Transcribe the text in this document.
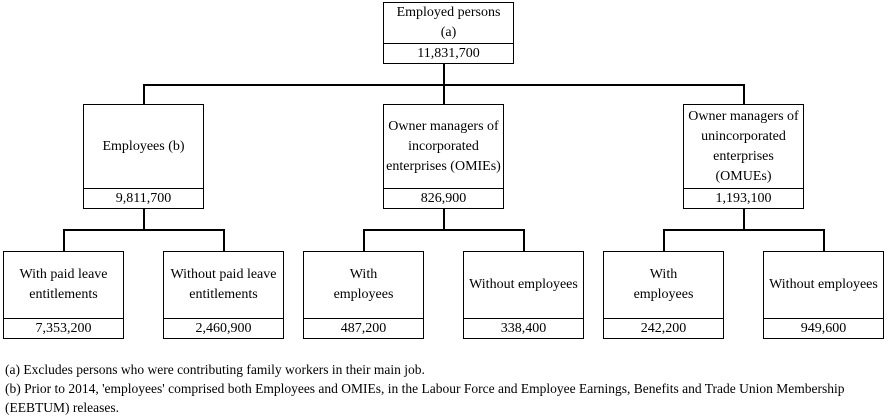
Employed persons (a)
11,831,700
Employees (b)
9,811,700
Owner managers of incorporated enterprises (OMIEs)
826,900
Owner managers of unincorporated enterprises (OMUEs)
1,193,100
With paid leave entitlements
7,353,200
Without paid leave entitlements
2,460,900
With employees
487,200
Without employees
338,400
With employees
242,200
Without employees
949,600

(a) Excludes persons who were contributing family workers in their main job.

(b) Prior to 2014, 'employees' comprised both Employees and OMIEs, in the Labour Force and Employee Earnings, Benefits and Trade Union Membership (EEBTUM) releases.
